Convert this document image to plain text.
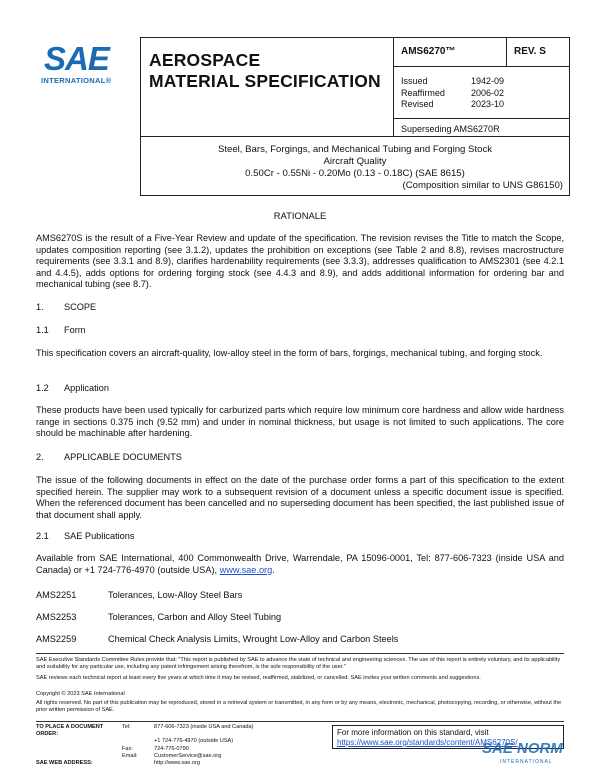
SAE
INTERNATIONAL®
AEROSPACE
MATERIAL SPECIFICATION
AMS6270™	REV. S
Issued	1942-09
Reaffirmed	2006-02
Revised	2023-10
Superseding AMS6270R
Steel, Bars, Forgings, and Mechanical Tubing and Forging Stock
Aircraft Quality
0.50Cr - 0.55Ni - 0.20Mo (0.13 - 0.18C) (SAE 8615)
(Composition similar to UNS G86150)
RATIONALE
AMS6270S is the result of a Five-Year Review and update of the specification. The revision revises the Title to match the Scope, updates composition reporting (see 3.1.2), updates the prohibition on exceptions (see Table 2 and 8.8), revises macrostructure requirements (see 3.3.1 and 8.9), clarifies hardenability requirements (see 3.3.3), addresses qualification to AMS2301 (see 4.2.1 and 4.4.5), adds options for ordering forging stock (see 4.4.3 and 8.9), and adds additional information for ordering bar and mechanical tubing (see 8.7).
1. SCOPE
1.1 Form
This specification covers an aircraft-quality, low-alloy steel in the form of bars, forgings, mechanical tubing, and forging stock.
1.2 Application
These products have been used typically for carburized parts which require low minimum core hardness and allow wide hardness range in sections 0.375 inch (9.52 mm) and under in nominal thickness, but usage is not limited to such applications. The core should be machinable after hardening.
2. APPLICABLE DOCUMENTS
The issue of the following documents in effect on the date of the purchase order forms a part of this specification to the extent specified herein. The supplier may work to a subsequent revision of a document unless a specific document issue is specified. When the referenced document has been cancelled and no superseding document has been specified, the last published issue of that document shall apply.
2.1 SAE Publications
Available from SAE International, 400 Commonwealth Drive, Warrendale, PA 15096-0001, Tel: 877-606-7323 (inside USA and Canada) or +1 724-776-4970 (outside USA), www.sae.org.
AMS2251	Tolerances, Low-Alloy Steel Bars
AMS2253	Tolerances, Carbon and Alloy Steel Tubing
AMS2259	Chemical Check Analysis Limits, Wrought Low-Alloy and Carbon Steels
SAE Executive Standards Committee Rules provide that: "This report is published by SAE to advance the state of technical and engineering sciences. The use of this report is entirely voluntary, and its applicability and suitability for any particular use, including any patent infringement arising therefrom, is the sole responsibility of the user."
SAE reviews each technical report at least every five years at which time it may be revised, reaffirmed, stabilized, or cancelled. SAE invites your written comments and suggestions.
Copyright © 2023 SAE International
All rights reserved. No part of this publication may be reproduced, stored in a retrieval system or transmitted, in any form or by any means, electronic, mechanical, photocopying, recording, or otherwise, without the prior written permission of SAE.
TO PLACE A DOCUMENT ORDER:
Tel:	877-606-7323 (inside USA and Canada)
+1 724-776-4970 (outside USA)
Fax:	724-776-0790
Email:	CustomerService@sae.org
SAE WEB ADDRESS:	http://www.sae.org
For more information on this standard, visit
https://www.sae.org/standards/content/AMS6270S/
SAE NORM
INTERNATIONAL
